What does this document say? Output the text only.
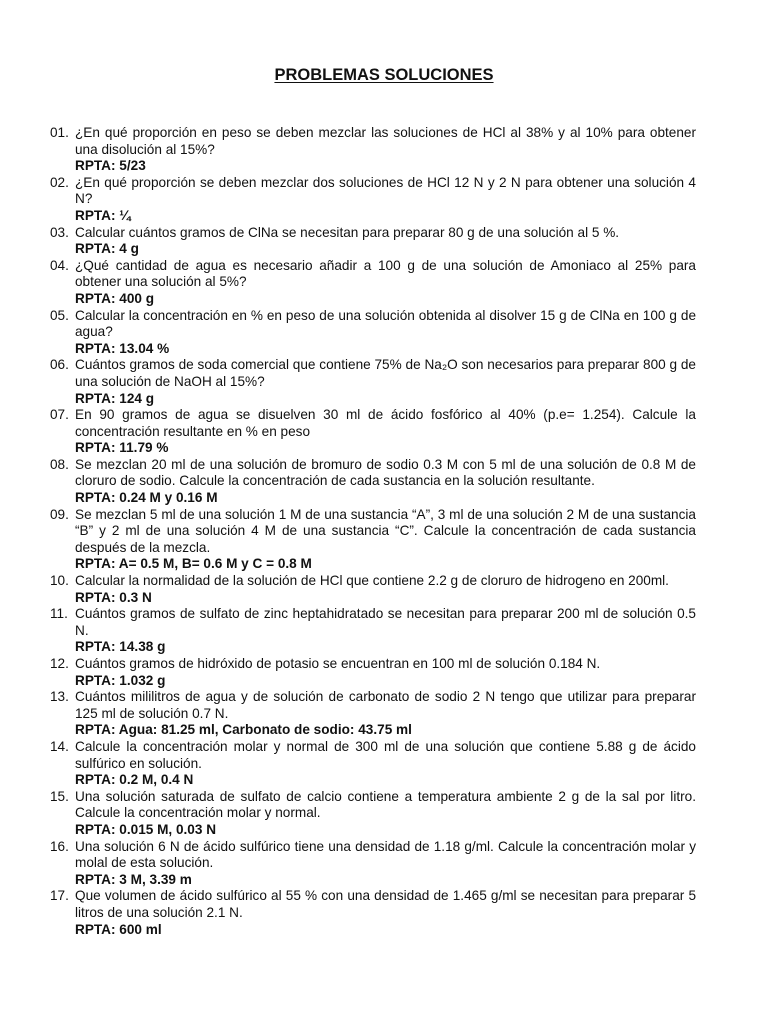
PROBLEMAS SOLUCIONES
01. ¿En qué proporción en peso se deben mezclar las soluciones de HCl al 38% y al 10% para obtener una disolución al 15%?
RPTA: 5/23
02. ¿En qué proporción se deben mezclar dos soluciones de HCl 12 N y 2 N para obtener una solución 4 N?
RPTA: ¼
03. Calcular cuántos gramos de ClNa se necesitan para preparar 80 g de una solución al 5 %.
RPTA: 4 g
04. ¿Qué cantidad de agua es necesario añadir a 100 g de una solución de Amoniaco al 25% para obtener una solución al 5%?
RPTA: 400 g
05. Calcular la concentración en % en peso de una solución obtenida al disolver 15 g de ClNa en 100 g de agua?
RPTA: 13.04 %
06. Cuántos gramos de soda comercial que contiene 75% de Na₂O son necesarios para preparar 800 g de una solución de NaOH al 15%?
RPTA: 124 g
07. En 90 gramos de agua se disuelven 30 ml de ácido fosfórico al 40% (p.e= 1.254). Calcule la concentración resultante en % en peso
RPTA: 11.79 %
08. Se mezclan 20 ml de una solución de bromuro de sodio 0.3 M con 5 ml de una solución de 0.8 M de cloruro de sodio. Calcule la concentración de cada sustancia en la solución resultante.
RPTA: 0.24 M y 0.16 M
09. Se mezclan 5 ml de una solución 1 M de una sustancia “A”, 3 ml de una solución 2 M de una sustancia “B” y 2 ml de una solución 4 M de una sustancia “C”. Calcule la concentración de cada sustancia después de la mezcla.
RPTA: A= 0.5 M, B= 0.6 M y C = 0.8 M
10. Calcular la normalidad de la solución de HCl que contiene 2.2 g de cloruro de hidrogeno en 200ml.
RPTA: 0.3 N
11. Cuántos gramos de sulfato de zinc heptahidratado se necesitan para preparar 200 ml de solución 0.5 N.
RPTA: 14.38 g
12. Cuántos gramos de hidróxido de potasio se encuentran en 100 ml de solución 0.184 N.
RPTA: 1.032 g
13. Cuántos mililitros de agua y de solución de carbonato de sodio 2 N tengo que utilizar para preparar 125 ml de solución 0.7 N.
RPTA: Agua: 81.25 ml, Carbonato de sodio: 43.75 ml
14. Calcule la concentración molar y normal de 300 ml de una solución que contiene 5.88 g de ácido sulfúrico en solución.
RPTA: 0.2 M, 0.4 N
15. Una solución saturada de sulfato de calcio contiene a temperatura ambiente 2 g de la sal por litro. Calcule la concentración molar y normal.
RPTA: 0.015 M, 0.03 N
16. Una solución 6 N de ácido sulfúrico tiene una densidad de 1.18 g/ml. Calcule la concentración molar y molal de esta solución.
RPTA: 3 M, 3.39 m
17. Que volumen de ácido sulfúrico al 55 % con una densidad de 1.465 g/ml se necesitan para preparar 5 litros de una solución 2.1 N.
RPTA: 600 ml
